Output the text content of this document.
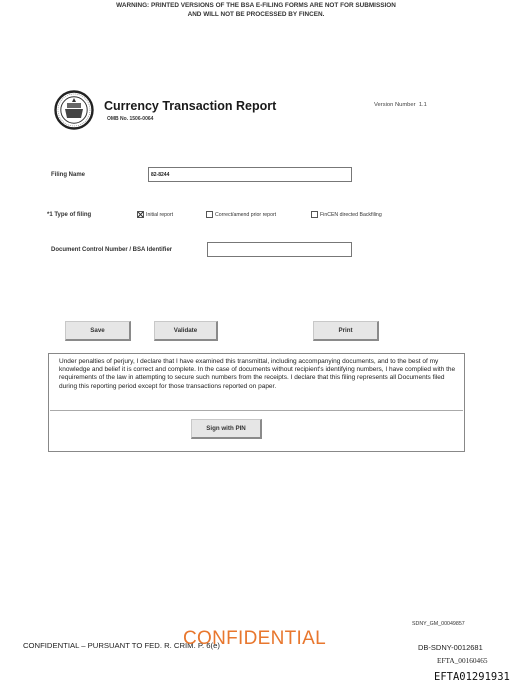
WARNING: PRINTED VERSIONS OF THE BSA E-FILING FORMS ARE NOT FOR SUBMISSION
AND WILL NOT BE PROCESSED BY FINCEN.
Currency Transaction Report
OMB No. 1506-0064
Version Number 1.1
Filing Name	82-8244
*1 Type of filing	Initial report	Correct/amend prior report	FinCEN directed Backfiling
Document Control Number / BSA Identifier
Save	Validate	Print
Under penalties of perjury, I declare that I have examined this transmittal, including accompanying documents, and to the best of my knowledge and belief it is correct and complete. In the case of documents without recipient's identifying numbers, I have complied with the requirements of the law in attempting to secure such numbers from the receipts. I declare that this filing represents all Documents filed during this reporting period except for those transactions reported on paper.
Sign with PIN
SDNY_GM_00049857
CONFIDENTIAL – PURSUANT TO FED. R. CRIM. P. 6(e)
CONFIDENTIAL	DB-SDNY-0012681
EFTA_00160465
EFTA01291931
